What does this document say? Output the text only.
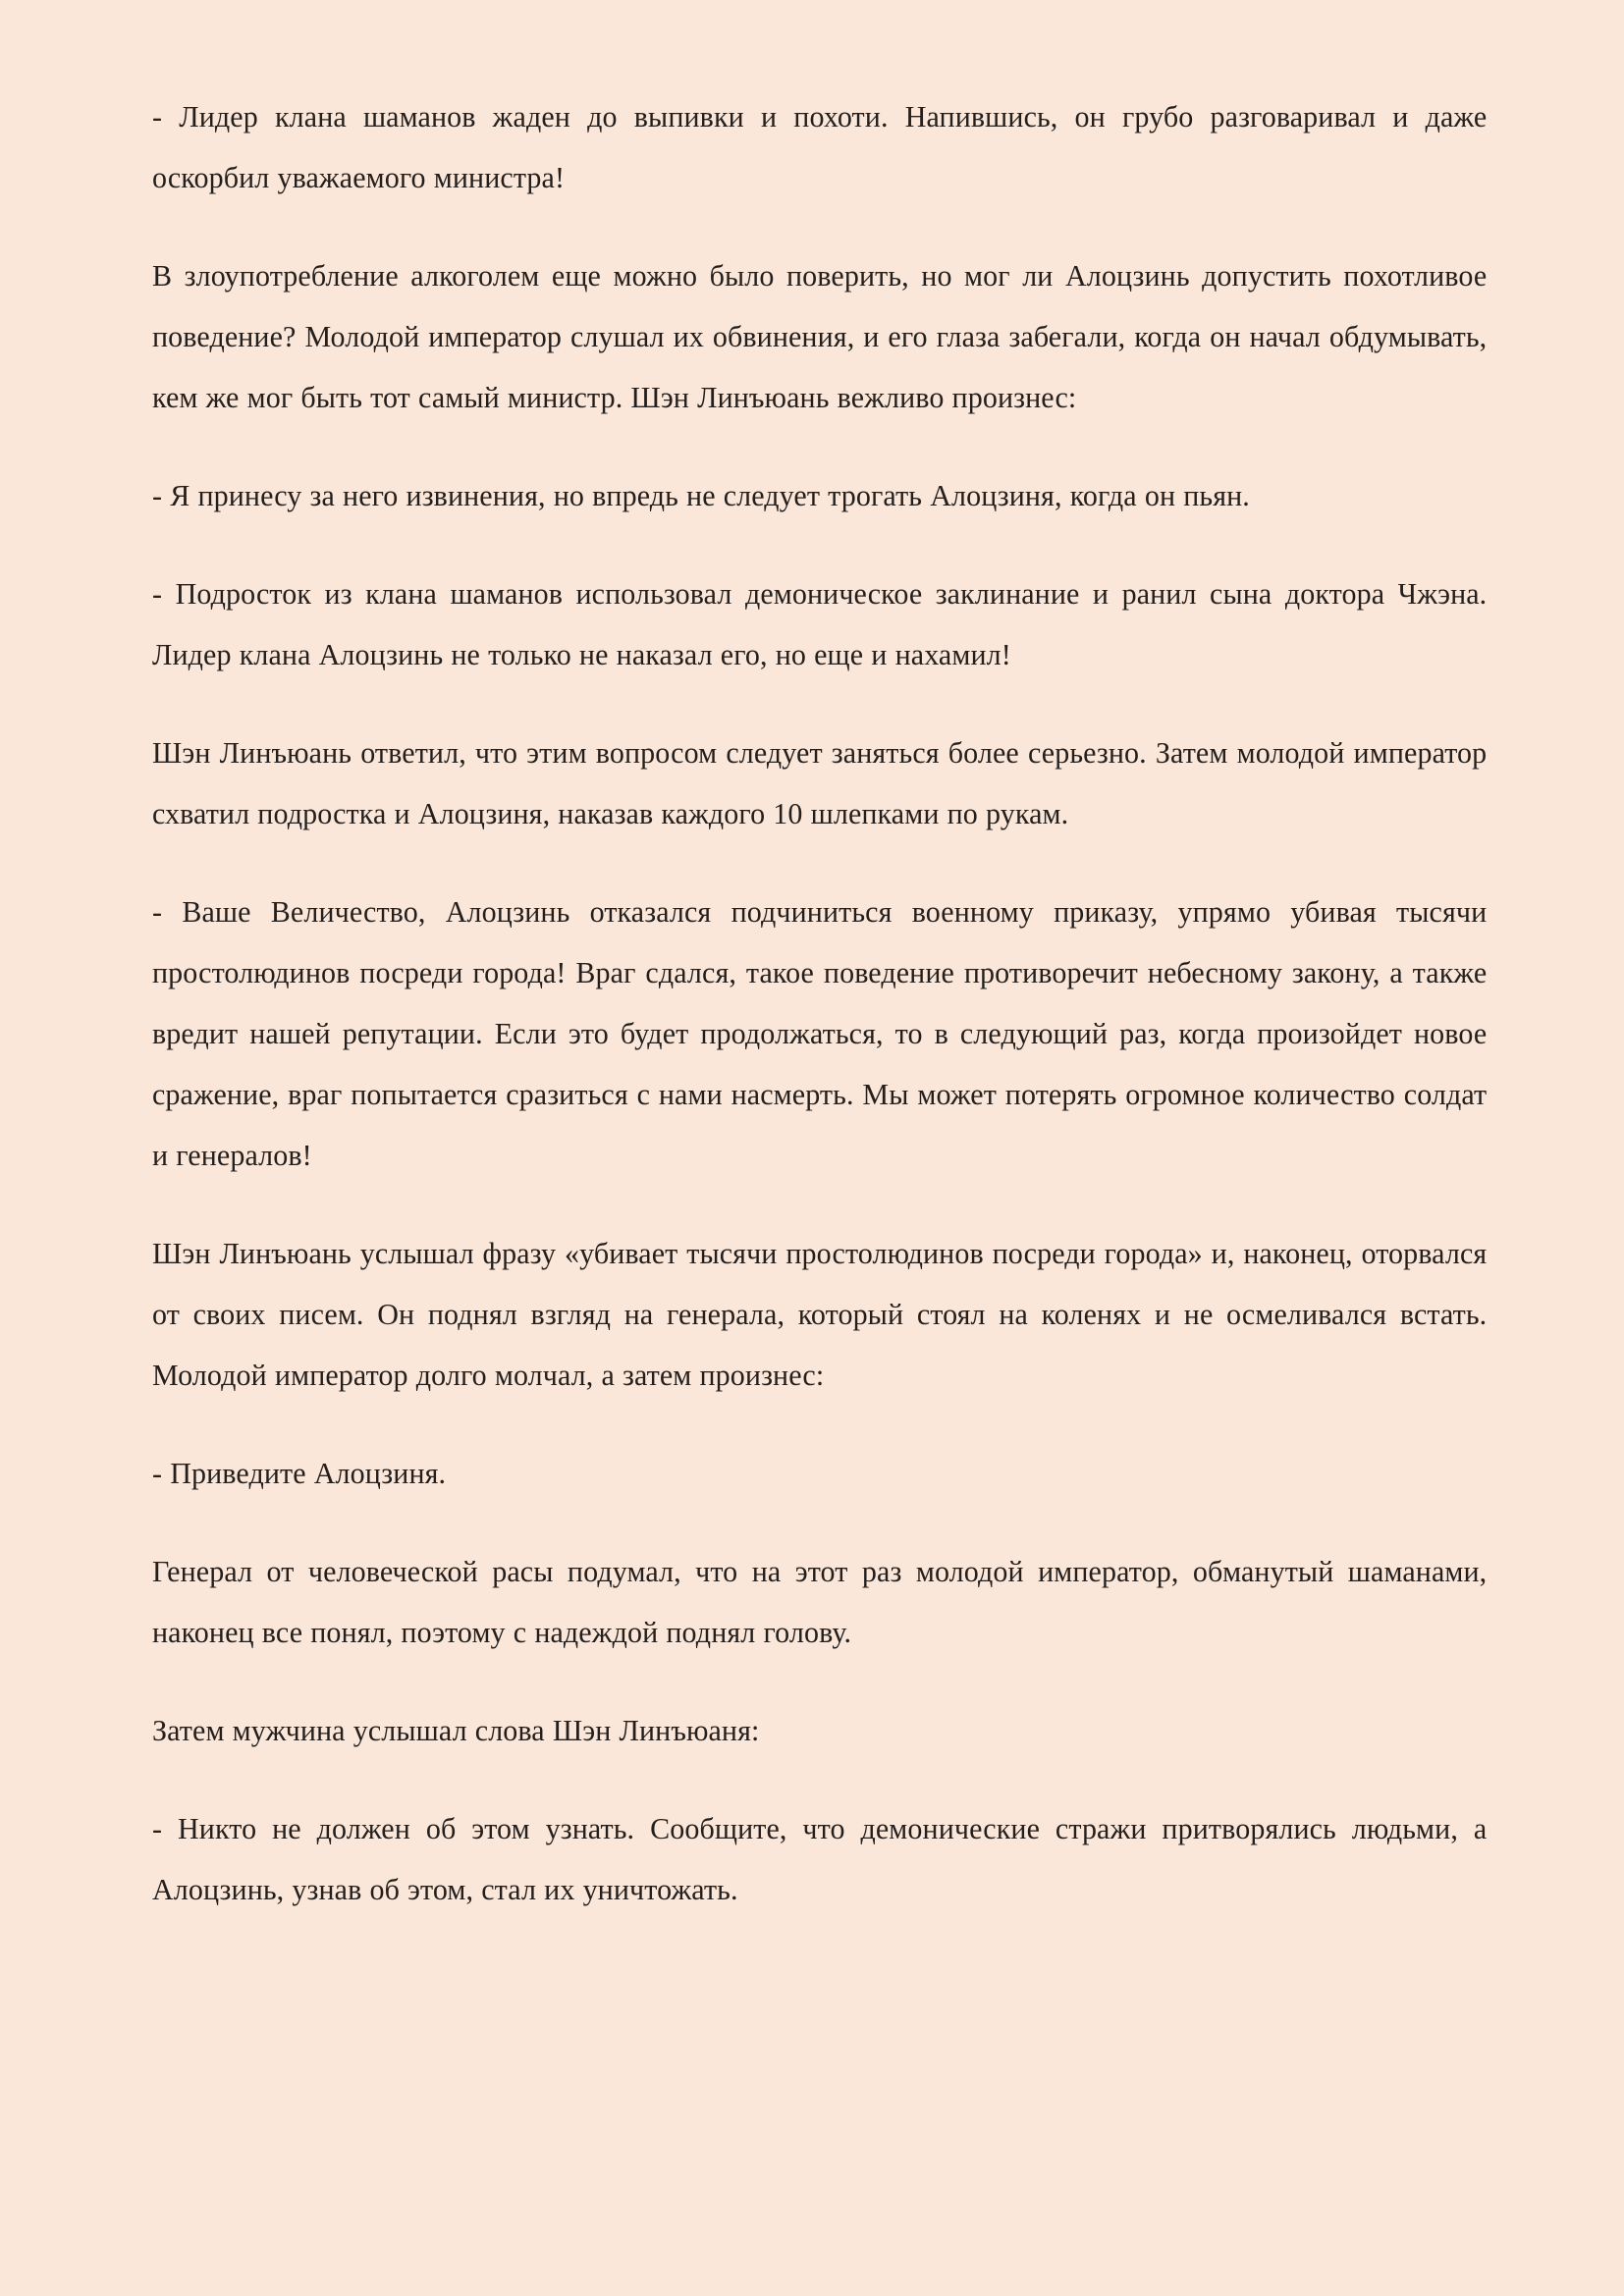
- Лидер клана шаманов жаден до выпивки и похоти. Напившись, он грубо разговаривал и даже оскорбил уважаемого министра!

В злоупотребление алкоголем еще можно было поверить, но мог ли Алоцзинь допустить похотливое поведение? Молодой император слушал их обвинения, и его глаза забегали, когда он начал обдумывать, кем же мог быть тот самый министр. Шэн Линъюань вежливо произнес:

- Я принесу за него извинения, но впредь не следует трогать Алоцзиня, когда он пьян.

- Подросток из клана шаманов использовал демоническое заклинание и ранил сына доктора Чжэна. Лидер клана Алоцзинь не только не наказал его, но еще и нахамил!

Шэн Линъюань ответил, что этим вопросом следует заняться более серьезно. Затем молодой император схватил подростка и Алоцзиня, наказав каждого 10 шлепками по рукам.

- Ваше Величество, Алоцзинь отказался подчиниться военному приказу, упрямо убивая тысячи простолюдинов посреди города! Враг сдался, такое поведение противоречит небесному закону, а также вредит нашей репутации. Если это будет продолжаться, то в следующий раз, когда произойдет новое сражение, враг попытается сразиться с нами насмерть. Мы может потерять огромное количество солдат и генералов!

Шэн Линъюань услышал фразу «убивает тысячи простолюдинов посреди города» и, наконец, оторвался от своих писем. Он поднял взгляд на генерала, который стоял на коленях и не осмеливался встать. Молодой император долго молчал, а затем произнес:

- Приведите Алоцзиня.

Генерал от человеческой расы подумал, что на этот раз молодой император, обманутый шаманами, наконец все понял, поэтому с надеждой поднял голову.

Затем мужчина услышал слова Шэн Линъюаня:

- Никто не должен об этом узнать. Сообщите, что демонические стражи притворялись людьми, а Алоцзинь, узнав об этом, стал их уничтожать.
